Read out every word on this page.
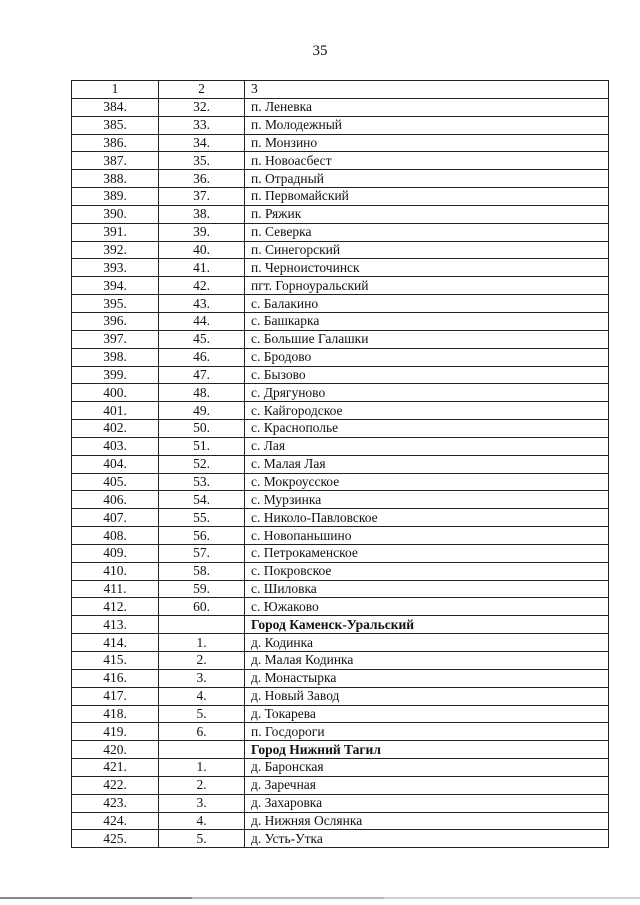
35
1	2	3
384.	32.	п. Леневка
385.	33.	п. Молодежный
386.	34.	п. Монзино
387.	35.	п. Новоасбест
388.	36.	п. Отрадный
389.	37.	п. Первомайский
390.	38.	п. Ряжик
391.	39.	п. Северка
392.	40.	п. Синегорский
393.	41.	п. Черноисточинск
394.	42.	пгт. Горноуральский
395.	43.	с. Балакино
396.	44.	с. Башкарка
397.	45.	с. Большие Галашки
398.	46.	с. Бродово
399.	47.	с. Бызово
400.	48.	с. Дрягуново
401.	49.	с. Кайгородское
402.	50.	с. Краснополье
403.	51.	с. Лая
404.	52.	с. Малая Лая
405.	53.	с. Мокроусское
406.	54.	с. Мурзинка
407.	55.	с. Николо-Павловское
408.	56.	с. Новопаньшино
409.	57.	с. Петрокаменское
410.	58.	с. Покровское
411.	59.	с. Шиловка
412.	60.	с. Южаково
413.		Город Каменск-Уральский
414.	1.	д. Кодинка
415.	2.	д. Малая Кодинка
416.	3.	д. Монастырка
417.	4.	д. Новый Завод
418.	5.	д. Токарева
419.	6.	п. Госдороги
420.		Город Нижний Тагил
421.	1.	д. Баронская
422.	2.	д. Заречная
423.	3.	д. Захаровка
424.	4.	д. Нижняя Ослянка
425.	5.	д. Усть-Утка
